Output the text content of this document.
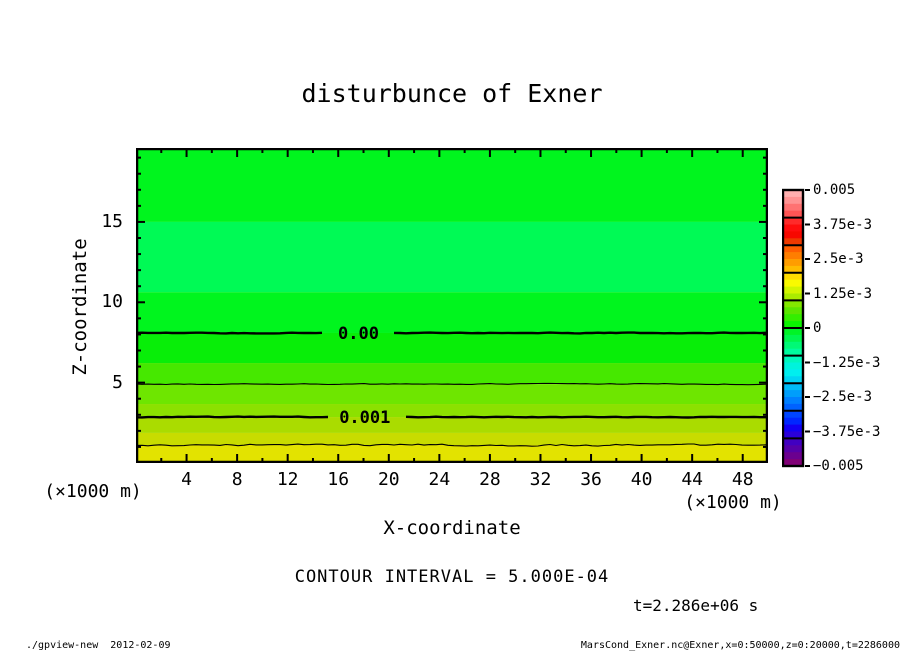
disturbunce of Exner
0.00
0.001
5
10
15
4	8	12	16	20	24	28	32	36	40	44	48
Z-coordinate
X-coordinate
(×1000 m)
(×1000 m)
0.005
3.75e-3
2.5e-3
1.25e-3
0
−1.25e-3
−2.5e-3
−3.75e-3
−0.005
CONTOUR INTERVAL = 5.000E-04
t=2.286e+06 s
./gpview-new  2012-02-09	MarsCond_Exner.nc@Exner,x=0:50000,z=0:20000,t=2286000
